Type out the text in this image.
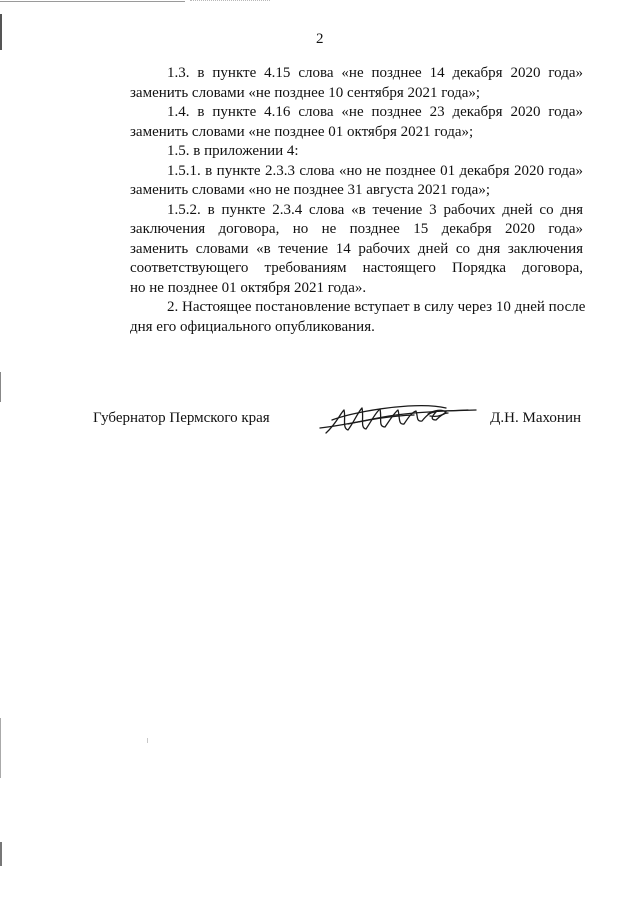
2

1.3. в пункте 4.15 слова «не позднее 14 декабря 2020 года»
заменить словами «не позднее 10 сентября 2021 года»;

1.4. в пункте 4.16 слова «не позднее 23 декабря 2020 года»
заменить словами «не позднее 01 октября 2021 года»;

1.5. в приложении 4:

1.5.1. в пункте 2.3.3 слова «но не позднее 01 декабря 2020 года»
заменить словами «но не позднее 31 августа 2021 года»;

1.5.2. в пункте 2.3.4 слова «в течение 3 рабочих дней со дня
заключения договора, но не позднее 15 декабря 2020 года»
заменить словами «в течение 14 рабочих дней со дня заключения
соответствующего требованиям настоящего Порядка договора,
но не позднее 01 октября 2021 года».

2. Настоящее постановление вступает в силу через 10 дней после
дня его официального опубликования.

Губернатор Пермского края	Д.Н. Махонин
